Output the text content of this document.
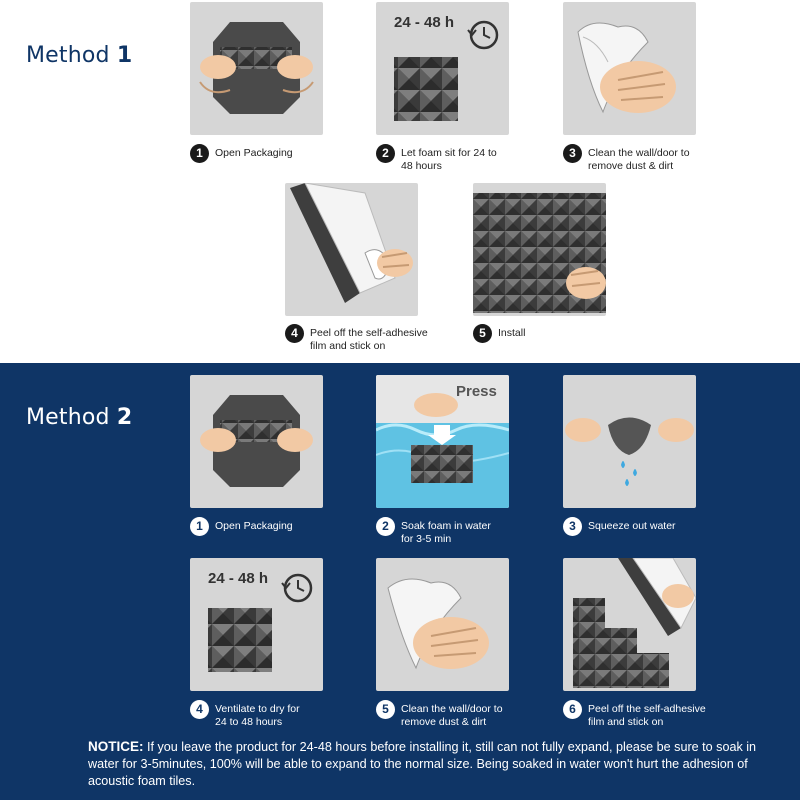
Method 1
1	Open Packaging
24 - 48 h
2	Let foam sit for 24 to
48 hours
3	Clean the wall/door to
remove dust & dirt
4	Peel off the self-adhesive
film and stick on
5	Install
Method 2
1	Open Packaging
Press
2	Soak foam in water
for 3-5 min
3	Squeeze out water
24 - 48 h
4	Ventilate to dry for
24 to 48 hours
5	Clean the wall/door to
remove dust & dirt
6	Peel off the self-adhesive
film and stick on
NOTICE: If you leave the product for 24-48 hours before installing it, still can not fully expand, please be sure to soak in water for 3-5minutes, 100% will be able to expand to the normal size. Being soaked in water won't hurt the adhesion of acoustic foam tiles.
